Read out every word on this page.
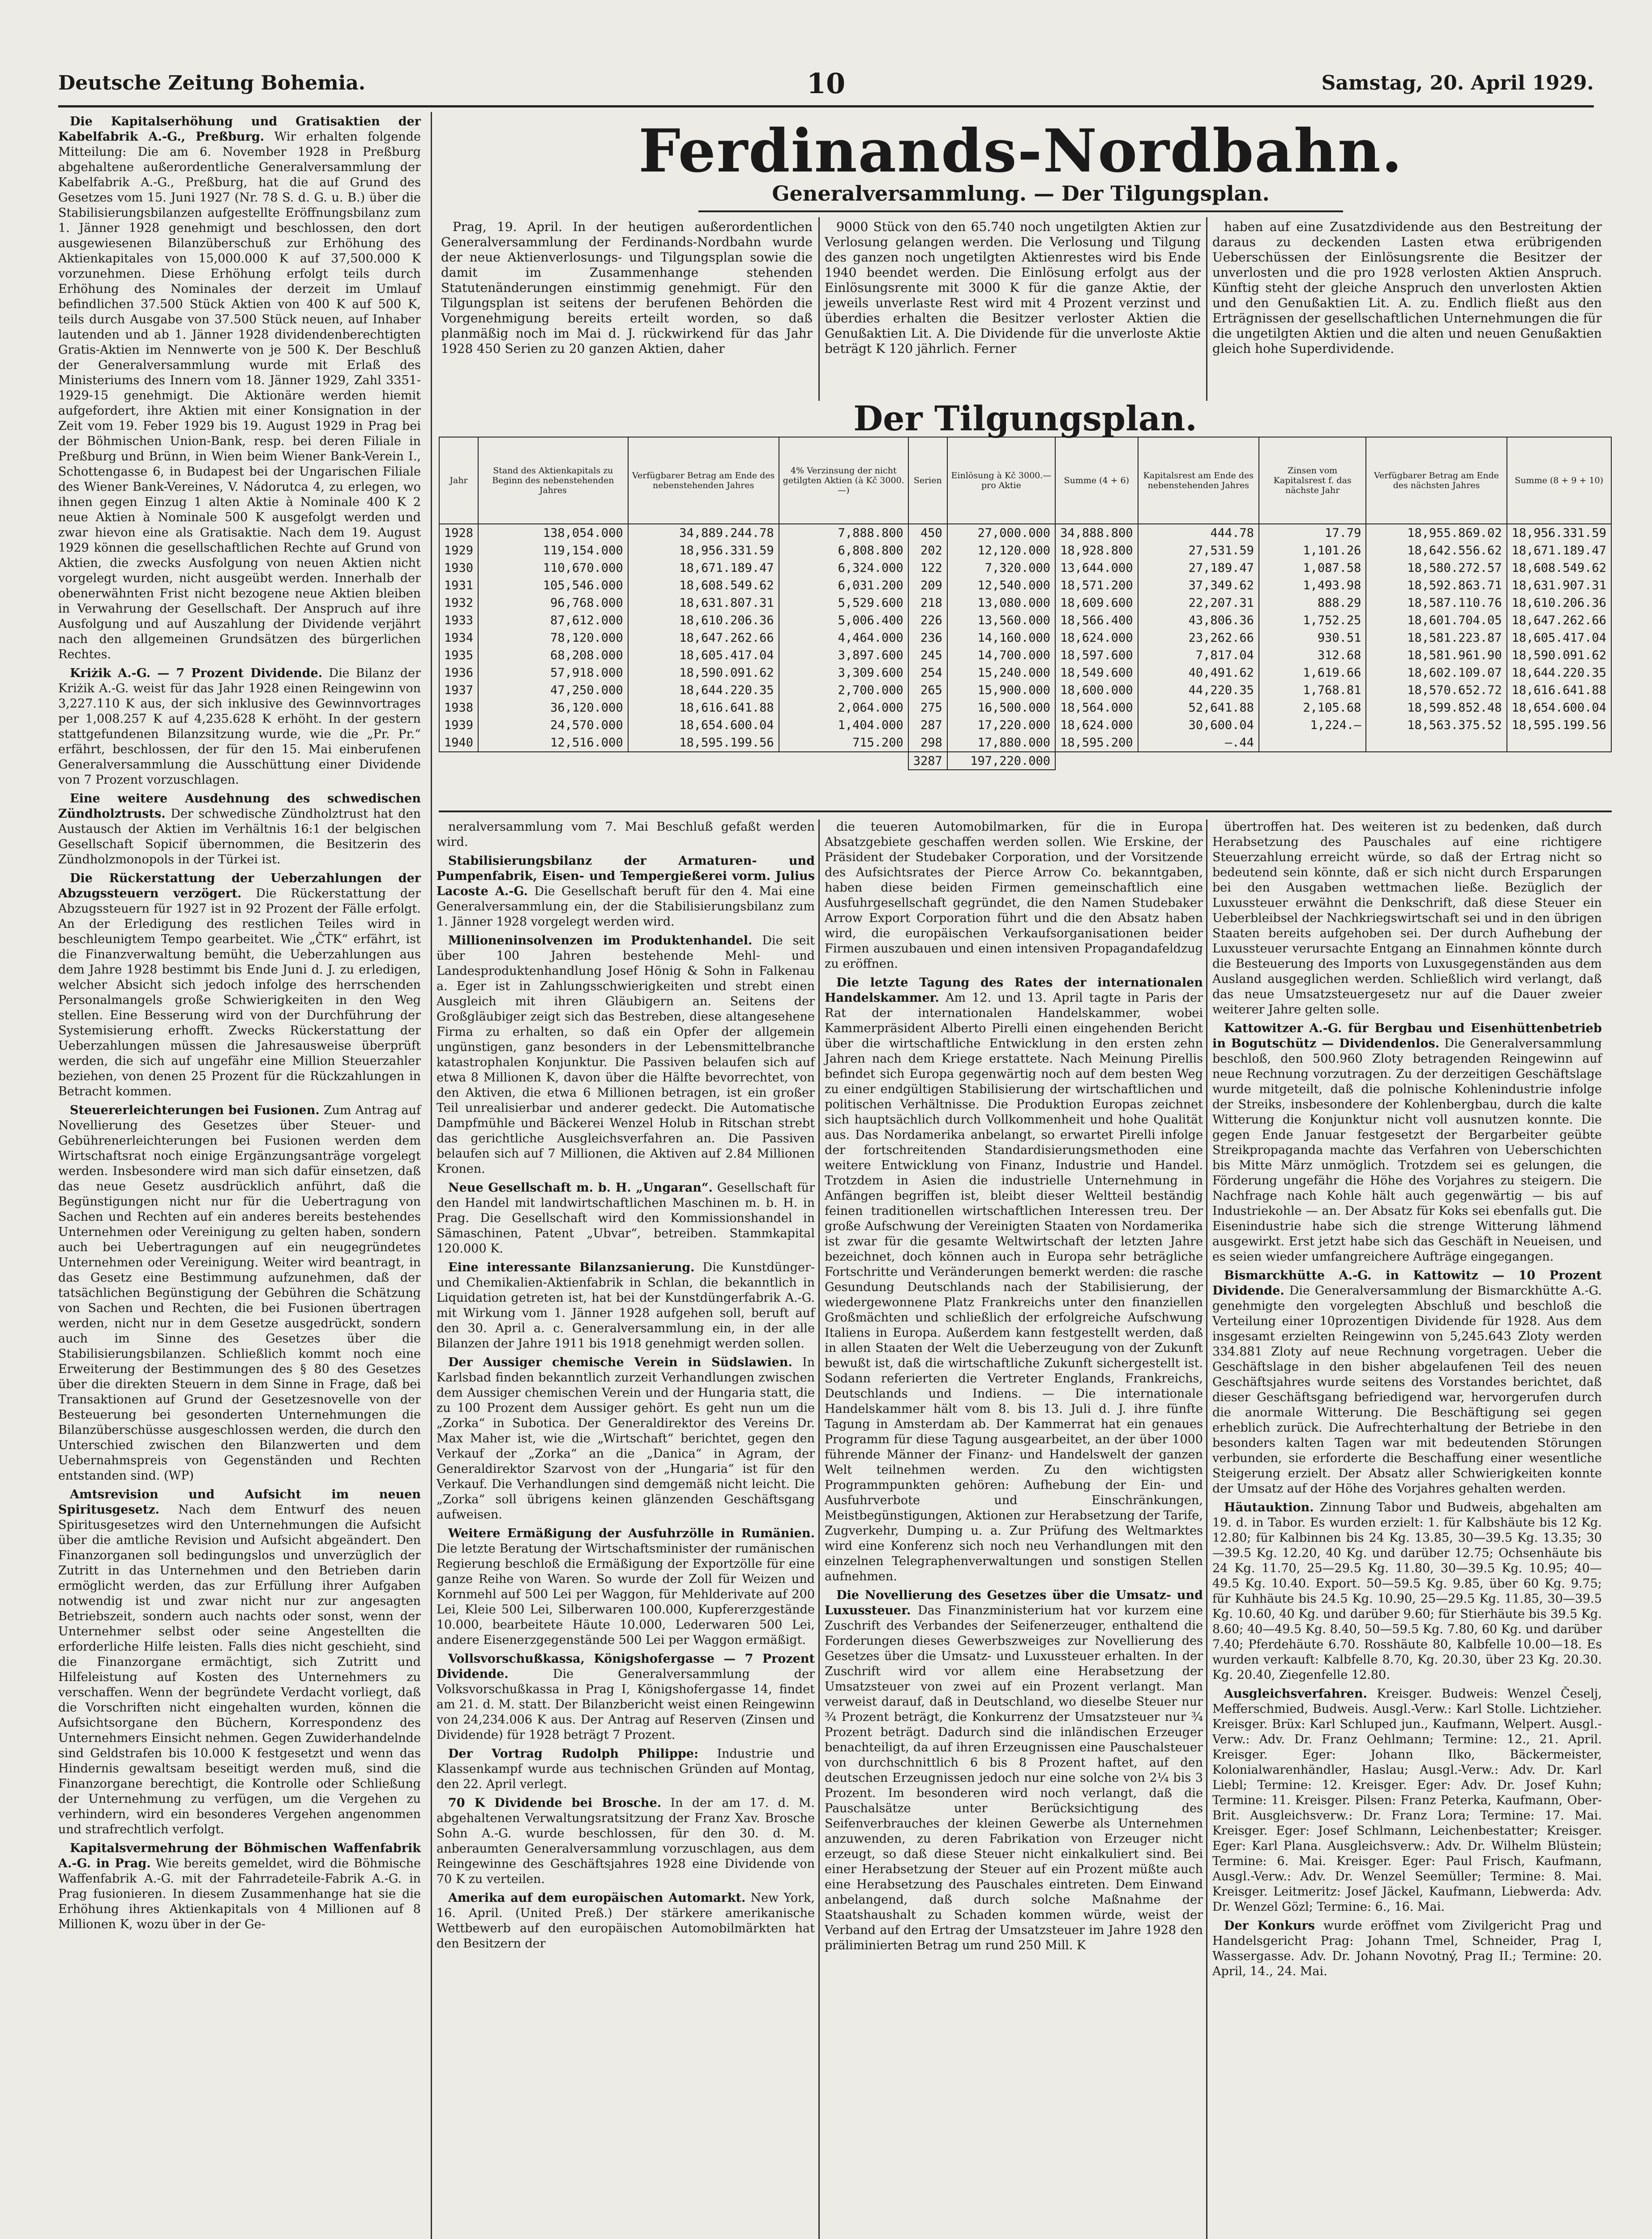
Deutsche Zeitung Bohemia.	10	Samstag, 20. April 1929.

Die Kapitalserhöhung und Gratisaktien der Kabelfabrik A.-G., Preßburg. Wir erhalten folgende Mitteilung: Die am 6. November 1928 in Preßburg abgehaltene außerordentliche Generalversammlung der Kabelfabrik A.-G., Preßburg, hat die auf Grund des Gesetzes vom 15. Juni 1927 (Nr. 78 S. d. G. u. B.) über die Stabilisierungsbilanzen aufgestellte Eröffnungsbilanz zum 1. Jänner 1928 genehmigt und beschlossen, den dort ausgewiesenen Bilanzüberschuß zur Erhöhung des Aktienkapitales von 15,000.000 K auf 37,500.000 K vorzunehmen. Diese Erhöhung erfolgt teils durch Erhöhung des Nominales der derzeit im Umlauf befindlichen 37.500 Stück Aktien von 400 K auf 500 K, teils durch Ausgabe von 37.500 Stück neuen, auf Inhaber lautenden und ab 1. Jänner 1928 dividendenberechtigten Gratis-Aktien im Nennwerte von je 500 K. Der Beschluß der Generalversammlung wurde mit Erlaß des Ministeriums des Innern vom 18. Jänner 1929, Zahl 3351-1929-15 genehmigt. Die Aktionäre werden hiemit aufgefordert, ihre Aktien mit einer Konsignation in der Zeit vom 19. Feber 1929 bis 19. August 1929 in Prag bei der Böhmischen Union-Bank, resp. bei deren Filiale in Preßburg und Brünn, in Wien beim Wiener Bank-Verein I., Schottengasse 6, in Budapest bei der Ungarischen Filiale des Wiener Bank-Vereines, V. Nádorutca 4, zu erlegen, wo ihnen gegen Einzug 1 alten Aktie à Nominale 400 K 2 neue Aktien à Nominale 500 K ausgefolgt werden und zwar hievon eine als Gratisaktie. Nach dem 19. August 1929 können die gesellschaftlichen Rechte auf Grund von Aktien, die zwecks Ausfolgung von neuen Aktien nicht vorgelegt wurden, nicht ausgeübt werden. Innerhalb der obenerwähnten Frist nicht bezogene neue Aktien bleiben in Verwahrung der Gesellschaft. Der Anspruch auf ihre Ausfolgung und auf Auszahlung der Dividende verjährt nach den allgemeinen Grundsätzen des bürgerlichen Rechtes.

Kriżik A.-G. — 7 Prozent Dividende. Die Bilanz der Kriżik A.-G. weist für das Jahr 1928 einen Reingewinn von 3,227.110 K aus, der sich inklusive des Gewinnvortrages per 1,008.257 K auf 4,235.628 K erhöht. In der gestern stattgefundenen Bilanzsitzung wurde, wie die „Pr. Pr.“ erfährt, beschlossen, der für den 15. Mai einberufenen Generalversammlung die Ausschüttung einer Dividende von 7 Prozent vorzuschlagen.

Eine weitere Ausdehnung des schwedischen Zündholztrusts. Der schwedische Zündholztrust hat den Austausch der Aktien im Verhältnis 16:1 der belgischen Gesellschaft Sopicif übernommen, die Besitzerin des Zündholzmonopols in der Türkei ist.

Die Rückerstattung der Ueberzahlungen der Abzugssteuern verzögert. Die Rückerstattung der Abzugssteuern für 1927 ist in 92 Prozent der Fälle erfolgt. An der Erledigung des restlichen Teiles wird in beschleunigtem Tempo gearbeitet. Wie „ČTK“ erfährt, ist die Finanzverwaltung bemüht, die Ueberzahlungen aus dem Jahre 1928 bestimmt bis Ende Juni d. J. zu erledigen, welcher Absicht sich jedoch infolge des herrschenden Personalmangels große Schwierigkeiten in den Weg stellen. Eine Besserung wird von der Durchführung der Systemisierung erhofft. Zwecks Rückerstattung der Ueberzahlungen müssen die Jahresausweise überprüft werden, die sich auf ungefähr eine Million Steuerzahler beziehen, von denen 25 Prozent für die Rückzahlungen in Betracht kommen.

Steuererleichterungen bei Fusionen. Zum Antrag auf Novellierung des Gesetzes über Steuer- und Gebührenerleichterungen bei Fusionen werden dem Wirtschaftsrat noch einige Ergänzungsanträge vorgelegt werden. Insbesondere wird man sich dafür einsetzen, daß das neue Gesetz ausdrücklich anführt, daß die Begünstigungen nicht nur für die Uebertragung von Sachen und Rechten auf ein anderes bereits bestehendes Unternehmen oder Vereinigung zu gelten haben, sondern auch bei Uebertragungen auf ein neugegründetes Unternehmen oder Vereinigung. Weiter wird beantragt, in das Gesetz eine Bestimmung aufzunehmen, daß der tatsächlichen Begünstigung der Gebühren die Schätzung von Sachen und Rechten, die bei Fusionen übertragen werden, nicht nur in dem Gesetze ausgedrückt, sondern auch im Sinne des Gesetzes über die Stabilisierungsbilanzen. Schließlich kommt noch eine Erweiterung der Bestimmungen des § 80 des Gesetzes über die direkten Steuern in dem Sinne in Frage, daß bei Transaktionen auf Grund der Gesetzesnovelle von der Besteuerung bei gesonderten Unternehmungen die Bilanzüberschüsse ausgeschlossen werden, die durch den Unterschied zwischen den Bilanzwerten und dem Uebernahmspreis von Gegenständen und Rechten entstanden sind. (WP)

Amtsrevision und Aufsicht im neuen Spiritusgesetz. Nach dem Entwurf des neuen Spiritusgesetzes wird den Unternehmungen die Aufsicht über die amtliche Revision und Aufsicht abgeändert. Den Finanzorganen soll bedingungslos und unverzüglich der Zutritt in das Unternehmen und den Betrieben darin ermöglicht werden, das zur Erfüllung ihrer Aufgaben notwendig ist und zwar nicht nur zur angesagten Betriebszeit, sondern auch nachts oder sonst, wenn der Unternehmer selbst oder seine Angestellten die erforderliche Hilfe leisten. Falls dies nicht geschieht, sind die Finanzorgane ermächtigt, sich Zutritt und Hilfeleistung auf Kosten des Unternehmers zu verschaffen. Wenn der begründete Verdacht vorliegt, daß die Vorschriften nicht eingehalten wurden, können die Aufsichtsorgane den Büchern, Korrespondenz des Unternehmers Einsicht nehmen. Gegen Zuwiderhandelnde sind Geldstrafen bis 10.000 K festgesetzt und wenn das Hindernis gewaltsam beseitigt werden muß, sind die Finanzorgane berechtigt, die Kontrolle oder Schließung der Unternehmung zu verfügen, um die Vergehen zu verhindern, wird ein besonderes Vergehen angenommen und strafrechtlich verfolgt.

Kapitalsvermehrung der Böhmischen Waffenfabrik A.-G. in Prag. Wie bereits gemeldet, wird die Böhmische Waffenfabrik A.-G. mit der Fahrradeteile-Fabrik A.-G. in Prag fusionieren. In diesem Zusammenhange hat sie die Erhöhung ihres Aktienkapitals von 4 Millionen auf 8 Millionen K, wozu über in der Ge-

Ferdinands-Nordbahn.
Generalversammlung. — Der Tilgungsplan.

Prag, 19. April. In der heutigen außerordentlichen Generalversammlung der Ferdinands-Nordbahn wurde der neue Aktienverlosungs- und Tilgungsplan sowie die damit im Zusammenhange stehenden Statutenänderungen einstimmig genehmigt. Für den Tilgungsplan ist seitens der berufenen Behörden die Vorgenehmigung bereits erteilt worden, so daß planmäßig noch im Mai d. J. rückwirkend für das Jahr 1928 450 Serien zu 20 ganzen Aktien, daher

9000 Stück von den 65.740 noch ungetilgten Aktien zur Verlosung gelangen werden. Die Verlosung und Tilgung des ganzen noch ungetilgten Aktienrestes wird bis Ende 1940 beendet werden. Die Einlösung erfolgt aus der Einlösungsrente mit 3000 K für die ganze Aktie, der jeweils unverlaste Rest wird mit 4 Prozent verzinst und überdies erhalten die Besitzer verloster Aktien die Genußaktien Lit. A. Die Dividende für die unverloste Aktie beträgt K 120 jährlich. Ferner

haben auf eine Zusatzdividende aus den Bestreitung der daraus zu deckenden Lasten etwa erübrigenden Ueberschüssen der Einlösungsrente die Besitzer der unverlosten und die pro 1928 verlosten Aktien Anspruch. Künftig steht der gleiche Anspruch den unverlosten Aktien und den Genußaktien Lit. A. zu. Endlich fließt aus den Erträgnissen der gesellschaftlichen Unternehmungen die für die ungetilgten Aktien und die alten und neuen Genußaktien gleich hohe Superdividende.

Der Tilgungsplan.
Jahr	Stand des Aktienkapitals zu Beginn des nebenstehenden Jahres	Verfügbarer Betrag am Ende des nebenstehenden Jahres	4% Verzinsung der nicht getilgten Aktien (à Kč 3000.—)	Serien	Einlösung à Kč 3000.— pro Aktie	Summe (4 + 6)	Kapitalsrest am Ende des nebenstehenden Jahres	Zinsen vom Kapitalsrest f. das nächste Jahr	Verfügbarer Betrag am Ende des nächsten Jahres	Summe (8 + 9 + 10)
1928	138,054.000	34,889.244.78	7,888.800	450	27,000.000	34,888.800	444.78	17.79	18,955.869.02	18,956.331.59
1929	119,154.000	18,956.331.59	6,808.800	202	12,120.000	18,928.800	27,531.59	1,101.26	18,642.556.62	18,671.189.47
1930	110,670.000	18,671.189.47	6,324.000	122	7,320.000	13,644.000	27,189.47	1,087.58	18,580.272.57	18,608.549.62
1931	105,546.000	18,608.549.62	6,031.200	209	12,540.000	18,571.200	37,349.62	1,493.98	18,592.863.71	18,631.907.31
1932	96,768.000	18,631.807.31	5,529.600	218	13,080.000	18,609.600	22,207.31	888.29	18,587.110.76	18,610.206.36
1933	87,612.000	18,610.206.36	5,006.400	226	13,560.000	18,566.400	43,806.36	1,752.25	18,601.704.05	18,647.262.66
1934	78,120.000	18,647.262.66	4,464.000	236	14,160.000	18,624.000	23,262.66	930.51	18,581.223.87	18,605.417.04
1935	68,208.000	18,605.417.04	3,897.600	245	14,700.000	18,597.600	7,817.04	312.68	18,581.961.90	18,590.091.62
1936	57,918.000	18,590.091.62	3,309.600	254	15,240.000	18,549.600	40,491.62	1,619.66	18,602.109.07	18,644.220.35
1937	47,250.000	18,644.220.35	2,700.000	265	15,900.000	18,600.000	44,220.35	1,768.81	18,570.652.72	18,616.641.88
1938	36,120.000	18,616.641.88	2,064.000	275	16,500.000	18,564.000	52,641.88	2,105.68	18,599.852.48	18,654.600.04
1939	24,570.000	18,654.600.04	1,404.000	287	17,220.000	18,624.000	30,600.04	1,224.—	18,563.375.52	18,595.199.56
1940	12,516.000	18,595.199.56	715.200	298	17,880.000	18,595.200	—.44			
				3287	197,220.000					

neralversammlung vom 7. Mai Beschluß gefaßt werden wird.

Stabilisierungsbilanz der Armaturen- und Pumpenfabrik, Eisen- und Tempergießerei vorm. Julius Lacoste A.-G. Die Gesellschaft beruft für den 4. Mai eine Generalversammlung ein, der die Stabilisierungsbilanz zum 1. Jänner 1928 vorgelegt werden wird.

Millioneninsolvenzen im Produktenhandel. Die seit über 100 Jahren bestehende Mehl- und Landesproduktenhandlung Josef Hönig & Sohn in Falkenau a. Eger ist in Zahlungsschwierigkeiten und strebt einen Ausgleich mit ihren Gläubigern an. Seitens der Großgläubiger zeigt sich das Bestreben, diese altangesehene Firma zu erhalten, so daß ein Opfer der allgemein ungünstigen, ganz besonders in der Lebensmittelbranche katastrophalen Konjunktur. Die Passiven belaufen sich auf etwa 8 Millionen K, davon über die Hälfte bevorrechtet, von den Aktiven, die etwa 6 Millionen betragen, ist ein großer Teil unrealisierbar und anderer gedeckt. Die Automatische Dampfmühle und Bäckerei Wenzel Holub in Ritschan strebt das gerichtliche Ausgleichsverfahren an. Die Passiven belaufen sich auf 7 Millionen, die Aktiven auf 2.84 Millionen Kronen.

Neue Gesellschaft m. b. H. „Ungaran“. Gesellschaft für den Handel mit landwirtschaftlichen Maschinen m. b. H. in Prag. Die Gesellschaft wird den Kommissionshandel in Sämaschinen, Patent „Ubvar“, betreiben. Stammkapital 120.000 K.

Eine interessante Bilanzsanierung. Die Kunstdünger- und Chemikalien-Aktienfabrik in Schlan, die bekanntlich in Liquidation getreten ist, hat bei der Kunstdüngerfabrik A.-G. mit Wirkung vom 1. Jänner 1928 aufgehen soll, beruft auf den 30. April a. c. Generalversammlung ein, in der alle Bilanzen der Jahre 1911 bis 1918 genehmigt werden sollen.

Der Aussiger chemische Verein in Südslawien. In Karlsbad finden bekanntlich zurzeit Verhandlungen zwischen dem Aussiger chemischen Verein und der Hungaria statt, die zu 100 Prozent dem Aussiger gehört. Es geht nun um die „Zorka“ in Subotica. Der Generaldirektor des Vereins Dr. Max Maher ist, wie die „Wirtschaft“ berichtet, gegen den Verkauf der „Zorka“ an die „Danica“ in Agram, der Generaldirektor Szarvost von der „Hungaria“ ist für den Verkauf. Die Verhandlungen sind demgemäß nicht leicht. Die „Zorka“ soll übrigens keinen glänzenden Geschäftsgang aufweisen.

Weitere Ermäßigung der Ausfuhrzölle in Rumänien. Die letzte Beratung der Wirtschaftsminister der rumänischen Regierung beschloß die Ermäßigung der Exportzölle für eine ganze Reihe von Waren. So wurde der Zoll für Weizen und Kornmehl auf 500 Lei per Waggon, für Mehlderivate auf 200 Lei, Kleie 500 Lei, Silberwaren 100.000, Kupfererzgestände 10.000, bearbeitete Häute 10.000, Lederwaren 500 Lei, andere Eisenerzgegenstände 500 Lei per Waggon ermäßigt.

Vollsvorschußkassa, Königshofergasse — 7 Prozent Dividende.	Die Generalversammlung der Volksvorschußkassa in Prag I, Königshofergasse 14, findet am 21. d. M. statt. Der Bilanzbericht weist einen Reingewinn von 24,234.006 K aus. Der Antrag auf Reserven (Zinsen und Dividende) für 1928 beträgt 7 Prozent.

Der Vortrag Rudolph Philippe: Industrie und Klassenkampf wurde aus technischen Gründen auf Montag, den 22. April verlegt.

70 K Dividende bei Brosche. In der am 17. d. M. abgehaltenen Verwaltungsratsitzung der Franz Xav. Brosche Sohn A.-G. wurde beschlossen, für den 30. d. M. anberaumten Generalversammlung vorzuschlagen, aus dem Reingewinne des Geschäftsjahres 1928 eine Dividende von 70 K zu verteilen.

Amerika auf dem europäischen Automarkt. New York, 16. April. (United Preß.) Der stärkere amerikanische Wettbewerb auf den europäischen Automobilmärkten hat den Besitzern der

die teueren Automobilmarken, für die in Europa Absatzgebiete geschaffen werden sollen. Wie Erskine, der Präsident der Studebaker Corporation, und der Vorsitzende des Aufsichtsrates der Pierce Arrow Co. bekanntgaben, haben diese beiden Firmen gemeinschaftlich eine Ausfuhrgesellschaft gegründet, die den Namen Studebaker Arrow Export Corporation führt und die den Absatz haben wird, die europäischen Verkaufsorganisationen beider Firmen auszubauen und einen intensiven Propagandafeldzug zu eröffnen.

Die letzte Tagung des Rates der internationalen Handelskammer. Am 12. und 13. April tagte in Paris der Rat der internationalen Handelskammer, wobei Kammerpräsident Alberto Pirelli einen eingehenden Bericht über die wirtschaftliche Entwicklung in den ersten zehn Jahren nach dem Kriege erstattete. Nach Meinung Pirellis befindet sich Europa gegenwärtig noch auf dem besten Weg zu einer endgültigen Stabilisierung der wirtschaftlichen und politischen Verhältnisse. Die Produktion Europas zeichnet sich hauptsächlich durch Vollkommenheit und hohe Qualität aus. Das Nordamerika anbelangt, so erwartet Pirelli infolge der fortschreitenden Standardisierungsmethoden eine weitere Entwicklung von Finanz, Industrie und Handel. Trotzdem in Asien die industrielle Unternehmung in Anfängen begriffen ist, bleibt dieser Weltteil beständig feinen traditionellen wirtschaftlichen Interessen treu. Der große Aufschwung der Vereinigten Staaten von Nordamerika ist zwar für die gesamte Weltwirtschaft der letzten Jahre bezeichnet, doch können auch in Europa sehr beträgliche Fortschritte und Veränderungen bemerkt werden: die rasche Gesundung Deutschlands nach der Stabilisierung, der wiedergewonnene Platz Frankreichs unter den finanziellen Großmächten und schließlich der erfolgreiche Aufschwung Italiens in Europa. Außerdem kann festgestellt werden, daß in allen Staaten der Welt die Ueberzeugung von der Zukunft bewußt ist, daß die wirtschaftliche Zukunft sichergestellt ist. Sodann referierten die Vertreter Englands, Frankreichs, Deutschlands und Indiens. — Die internationale Handelskammer hält vom 8. bis 13. Juli d. J. ihre fünfte Tagung in Amsterdam ab. Der Kammerrat hat ein genaues Programm für diese Tagung ausgearbeitet, an der über 1000 führende Männer der Finanz- und Handelswelt der ganzen Welt teilnehmen werden. Zu den wichtigsten Programmpunkten gehören: Aufhebung der Ein- und Ausfuhrverbote und Einschränkungen, Meistbegünstigungen, Aktionen zur Herabsetzung der Tarife, Zugverkehr, Dumping u. a. Zur Prüfung des Weltmarktes wird eine Konferenz sich noch neu Verhandlungen mit den einzelnen Telegraphenverwaltungen und sonstigen Stellen aufnehmen.

Die Novellierung des Gesetzes über die Umsatz- und Luxussteuer. Das Finanzministerium hat vor kurzem eine Zuschrift des Verbandes der Seifenerzeuger, enthaltend die Forderungen dieses Gewerbszweiges zur Novellierung des Gesetzes über die Umsatz- und Luxussteuer erhalten. In der Zuschrift wird vor allem eine Herabsetzung der Umsatzsteuer von zwei auf ein Prozent verlangt. Man verweist darauf, daß in Deutschland, wo dieselbe Steuer nur ¾ Prozent beträgt, die Konkurrenz der Umsatzsteuer nur ¾ Prozent beträgt. Dadurch sind die inländischen Erzeuger benachteiligt, da auf ihren Erzeugnissen eine Pauschalsteuer von durchschnittlich 6 bis 8 Prozent haftet, auf den deutschen Erzeugnissen jedoch nur eine solche von 2¼ bis 3 Prozent. Im besonderen wird noch verlangt, daß die Pauschalsätze unter Berücksichtigung des Seifenverbrauches der kleinen Gewerbe als Unternehmen anzuwenden, zu deren Fabrikation von Erzeuger nicht erzeugt, so daß diese Steuer nicht einkalkuliert sind. Bei einer Herabsetzung der Steuer auf ein Prozent müßte auch eine Herabsetzung des Pauschales eintreten. Dem Einwand anbelangend, daß durch solche Maßnahme der Staatshaushalt zu Schaden kommen würde, weist der Verband auf den Ertrag der Umsatzsteuer im Jahre 1928 den präliminierten Betrag um rund 250 Mill. K

übertroffen hat. Des weiteren ist zu bedenken, daß durch Herabsetzung des Pauschales auf eine richtigere Steuerzahlung erreicht würde, so daß der Ertrag nicht so bedeutend sein könnte, daß er sich nicht durch Ersparungen bei den Ausgaben wettmachen ließe. Bezüglich der Luxussteuer erwähnt die Denkschrift, daß diese Steuer ein Ueberbleibsel der Nachkriegswirtschaft sei und in den übrigen Staaten bereits aufgehoben sei. Der durch Aufhebung der Luxussteuer verursachte Entgang an Einnahmen könnte durch die Besteuerung des Imports von Luxusgegenständen aus dem Ausland ausgeglichen werden. Schließlich wird verlangt, daß das neue Umsatzsteuergesetz nur auf die Dauer zweier weiterer Jahre gelten solle.

Kattowitzer A.-G. für Bergbau und Eisenhüttenbetrieb in Bogutschütz — Dividendenlos. Die Generalversammlung beschloß, den 500.960 Zloty betragenden Reingewinn auf neue Rechnung vorzutragen. Zu der derzeitigen Geschäftslage wurde mitgeteilt, daß die polnische Kohlenindustrie infolge der Streiks, insbesondere der Kohlenbergbau, durch die kalte Witterung die Konjunktur nicht voll ausnutzen konnte. Die gegen Ende Januar festgesetzt der Bergarbeiter geübte Streikpropaganda machte das Verfahren von Ueberschichten bis Mitte März unmöglich. Trotzdem sei es gelungen, die Förderung ungefähr die Höhe des Vorjahres zu steigern. Die Nachfrage nach Kohle hält auch gegenwärtig — bis auf Industriekohle — an. Der Absatz für Koks sei ebenfalls gut. Die Eisenindustrie habe sich die strenge Witterung lähmend ausgewirkt. Erst jetzt habe sich das Geschäft in Neueisen, und es seien wieder umfangreichere Aufträge eingegangen.

Bismarckhütte A.-G. in Kattowitz — 10 Prozent Dividende. Die Generalversammlung der Bismarckhütte A.-G. genehmigte den vorgelegten Abschluß und beschloß die Verteilung einer 10prozentigen Dividende für 1928. Aus dem insgesamt erzielten Reingewinn von 5,245.643 Zloty werden 334.881 Zloty auf neue Rechnung vorgetragen. Ueber die Geschäftslage in den bisher abgelaufenen Teil des neuen Geschäftsjahres wurde seitens des Vorstandes berichtet, daß dieser Geschäftsgang befriedigend war, hervorgerufen durch die anormale Witterung. Die Beschäftigung sei gegen erheblich zurück. Die Aufrechterhaltung der Betriebe in den besonders kalten Tagen war mit bedeutenden Störungen verbunden, sie erforderte die Beschaffung einer wesentliche Steigerung erzielt. Der Absatz aller Schwierigkeiten konnte der Umsatz auf der Höhe des Vorjahres gehalten werden.

Häutauktion. Zinnung Tabor und Budweis, abgehalten am 19. d. in Tabor. Es wurden erzielt: 1. für Kalbshäute bis 12 Kg. 12.80; für Kalbinnen bis 24 Kg. 13.85, 30—39.5 Kg. 13.35; 30—39.5 Kg. 12.20, 40 Kg. und darüber 12.75; Ochsenhäute bis 24 Kg. 11.70, 25—29.5 Kg. 11.80, 30—39.5 Kg. 10.95; 40—49.5 Kg. 10.40. Export. 50—59.5 Kg. 9.85, über 60 Kg. 9.75; für Kuhhäute bis 24.5 Kg. 10.90, 25—29.5 Kg. 11.85, 30—39.5 Kg. 10.60, 40 Kg. und darüber 9.60; für Stierhäute bis 39.5 Kg. 8.60; 40—49.5 Kg. 8.40, 50—59.5 Kg. 7.80, 60 Kg. und darüber 7.40; Pferdehäute 6.70. Rosshäute 80, Kalbfelle 10.00—18. Es wurden verkauft: Kalbfelle 8.70, Kg. 20.30, über 23 Kg. 20.30. Kg. 20.40, Ziegenfelle 12.80.

Ausgleichsverfahren. Kreisger. Budweis: Wenzel Česelj, Mefferschmied, Budweis. Ausgl.-Verw.: Karl Stolle. Lichtzieher. Kreisger. Brüx: Karl Schluped jun., Kaufmann, Welpert. Ausgl.-Verw.: Adv. Dr. Franz Oehlmann; Termine: 12., 21. April. Kreisger. Eger: Johann Ilko, Bäckermeister, Kolonialwarenhändler, Haslau; Ausgl.-Verw.: Adv. Dr. Karl Liebl; Termine: 12. Kreisger. Eger: Adv. Dr. Josef Kuhn; Termine: 11. Kreisger. Pilsen: Franz Peterka, Kaufmann, Ober-Brit. Ausgleichsverw.: Dr. Franz Lora; Termine: 17. Mai. Kreisger. Eger: Josef Schlmann, Leichenbestatter; Kreisger. Eger: Karl Plana. Ausgleichsverw.: Adv. Dr. Wilhelm Blüstein; Termine: 6. Mai. Kreisger. Eger: Paul Frisch, Kaufmann, Ausgl.-Verw.: Adv. Dr. Wenzel Seemüller; Termine: 8. Mai. Kreisger. Leitmeritz: Josef Jäckel, Kaufmann, Liebwerda: Adv. Dr. Wenzel Gözl; Termine: 6., 16. Mai.

Der Konkurs wurde eröffnet vom Zivilgericht Prag und Handelsgericht Prag: Johann Tmel, Schneider, Prag I, Wassergasse. Adv. Dr. Johann Novotný, Prag II.; Termine: 20. April, 14., 24. Mai.
